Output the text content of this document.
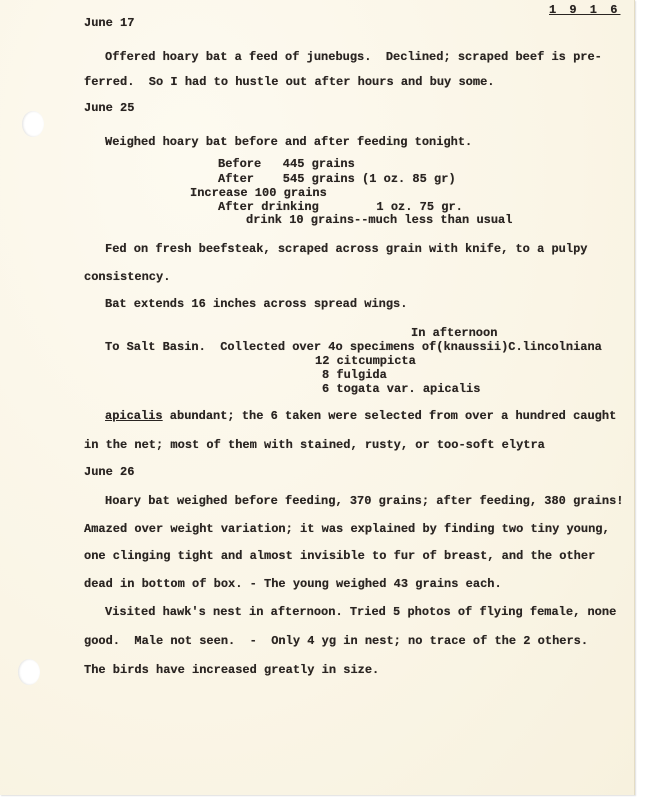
1 9 1 6
June 17
Offered hoary bat a feed of junebugs.  Declined; scraped beef is pre-
ferred.  So I had to hustle out after hours and buy some.
June 25
Weighed hoary bat before and after feeding tonight.
Before   445 grains
After    545 grains (1 oz. 85 gr)
Increase 100 grains
After drinking        1 oz. 75 gr.
drink 10 grains--much less than usual
Fed on fresh beefsteak, scraped across grain with knife, to a pulpy
consistency.
Bat extends 16 inches across spread wings.
In afternoon
To Salt Basin.  Collected over 4o specimens of(knaussii)C.lincolniana
12 citcumpicta
8 fulgida
6 togata var. apicalis
apicalis abundant; the 6 taken were selected from over a hundred caught
in the net; most of them with stained, rusty, or too-soft elytra
June 26
Hoary bat weighed before feeding, 370 grains; after feeding, 380 grains!
Amazed over weight variation; it was explained by finding two tiny young,
one clinging tight and almost invisible to fur of breast, and the other
dead in bottom of box. - The young weighed 43 grains each.
Visited hawk's nest in afternoon. Tried 5 photos of flying female, none
good.  Male not seen.  -  Only 4 yg in nest; no trace of the 2 others.
The birds have increased greatly in size.
